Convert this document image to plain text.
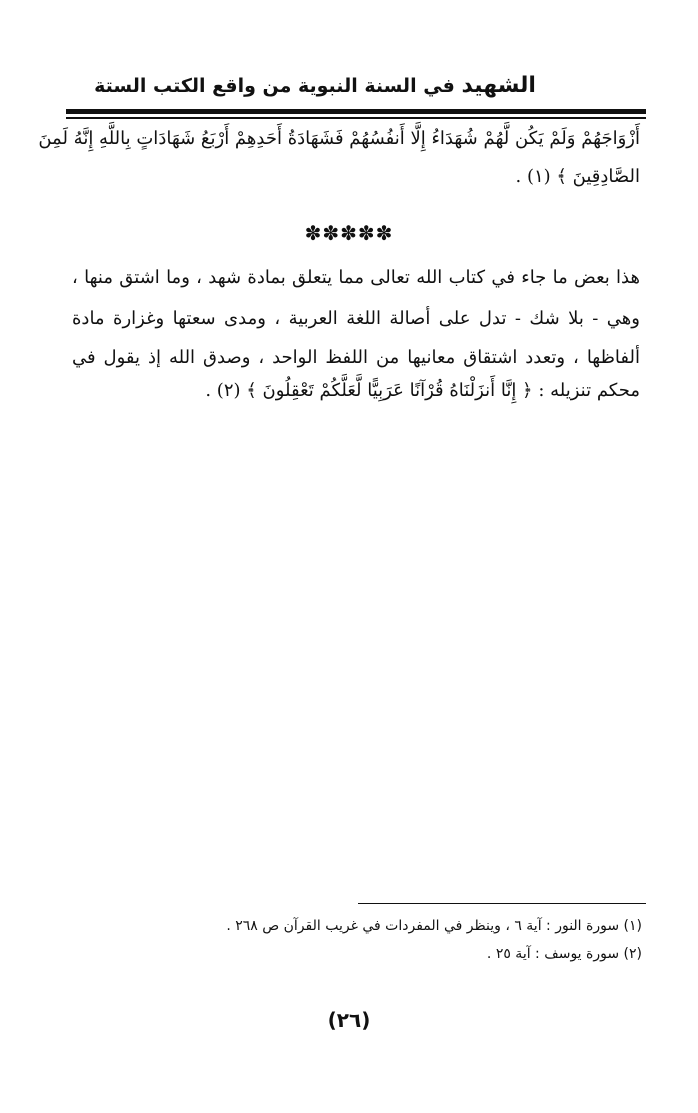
الشهيد في السنة النبوية من واقع الكتب الستة
أَزْوَاجَهُمْ وَلَمْ يَكُن لَّهُمْ شُهَدَاءُ إِلَّا أَنفُسُهُمْ فَشَهَادَةُ أَحَدِهِمْ أَرْبَعُ شَهَادَاتٍ بِاللَّهِ إِنَّهُ لَمِنَ
الصَّادِقِينَ ﴾ (١) .
✽✽✽✽✽
هذا بعض ما جاء في كتاب الله تعالى مما يتعلق بمادة شهد ، وما اشتق منها ،
وهي - بلا شك - تدل على أصالة اللغة العربية ، ومدى سعتها وغزارة مادة
ألفاظها ، وتعدد اشتقاق معانيها من اللفظ الواحد ، وصدق الله إذ يقول في
محكم تنزيله : ﴿ إِنَّا أَنزَلْنَاهُ قُرْآنًا عَرَبِيًّا لَّعَلَّكُمْ تَعْقِلُونَ ﴾ (٢) .
(١) سورة النور : آية ٦ ، وينظر في المفردات في غريب القرآن ص ٢٦٨ .
(٢) سورة يوسف : آية ٢٥ .
(٢٦)
